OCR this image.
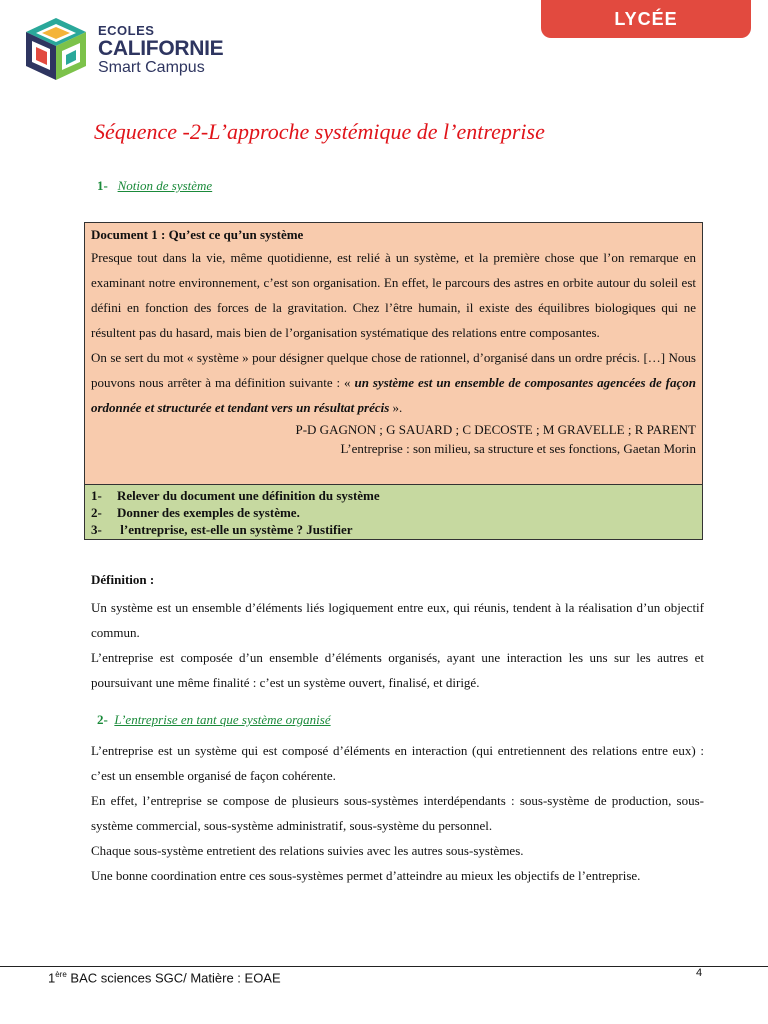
ECOLES
CALIFORNIE
Smart Campus
LYCÉE
Séquence -2-L’approche systémique de l’entreprise
1- Notion de système

Document 1 : Qu’est ce qu’un système

Presque tout dans la vie, même quotidienne, est relié à un système, et la première chose que l’on remarque en examinant notre environnement, c’est son organisation. En effet, le parcours des astres en orbite autour du soleil est défini en fonction des forces de la gravitation. Chez l’être humain, il existe des équilibres biologiques qui ne résultent pas du hasard, mais bien de l’organisation systématique des relations entre composantes.

On se sert du mot « système » pour désigner quelque chose de rationnel, d’organisé dans un ordre précis. […] Nous pouvons nous arrêter à ma définition suivante : « un système est un ensemble de composantes agencées de façon ordonnée et structurée et tendant vers un résultat précis ».

P-D GAGNON ; G SAUARD ; C DECOSTE ; M GRAVELLE ; R PARENT

L’entreprise : son milieu, sa structure et ses fonctions, Gaetan Morin

1-	Relever du document une définition du système
2-	Donner des exemples de système.
3-	l’entreprise, est-elle un système ? Justifier

Définition :

Un système est un ensemble d’éléments liés logiquement entre eux, qui réunis, tendent à la réalisation d’un objectif commun.

L’entreprise est composée d’un ensemble d’éléments organisés, ayant une interaction les uns sur les autres et poursuivant une même finalité : c’est un système ouvert, finalisé, et dirigé.

2- L’entreprise en tant que système organisé

L’entreprise est un système qui est composé d’éléments en interaction (qui entretiennent des relations entre eux) : c’est un ensemble organisé de façon cohérente.

En effet, l’entreprise se compose de plusieurs sous-systèmes interdépendants : sous-système de production, sous-système commercial, sous-système administratif, sous-système du personnel.

Chaque sous-système entretient des relations suivies avec les autres sous-systèmes.

Une bonne coordination entre ces sous-systèmes permet d’atteindre au mieux les objectifs de l’entreprise.

1ère BAC sciences SGC/ Matière : EOAE	4
